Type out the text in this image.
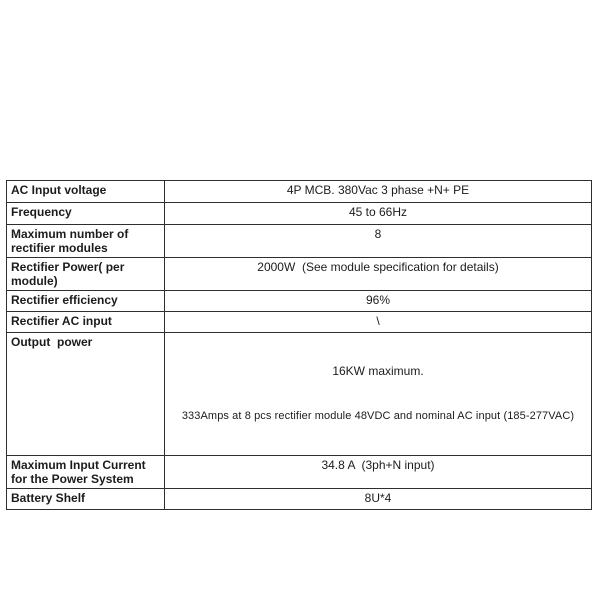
AC Input voltage	4P MCB. 380Vac 3 phase +N+ PE
Frequency	45 to 66Hz
Maximum number of rectifier modules	8
Rectifier Power( per module)	2000W  (See module specification for details)
Rectifier efficiency	96%
Rectifier AC input	\
Output  power	16KW maximum.

333Amps at 8 pcs rectifier module 48VDC and nominal AC input (185-277VAC)

Maximum Input Current for the Power System	34.8 A  (3ph+N input)
Battery Shelf	8U*4
